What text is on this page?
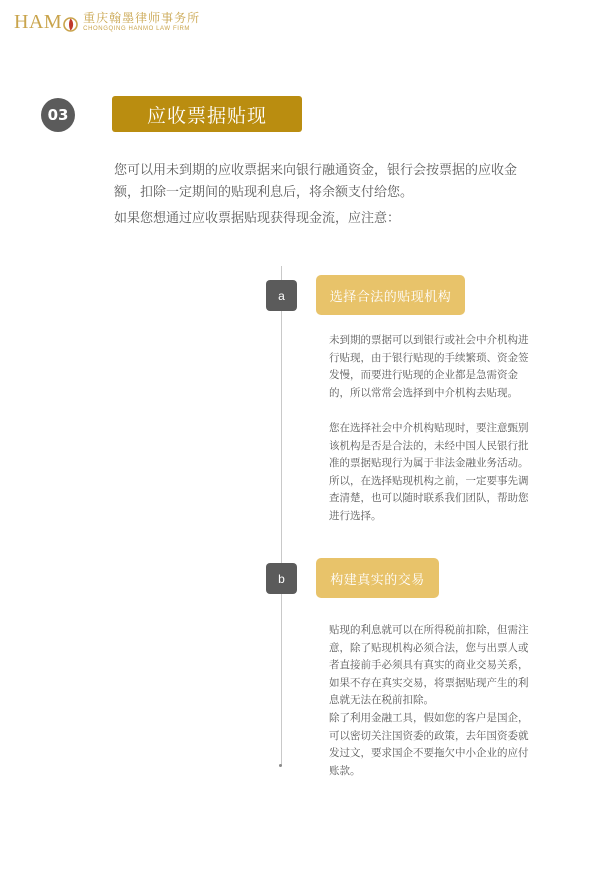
HAM 重庆翰墨律师事务所
CHONGQING HANMO LAW FIRM
03	应收票据贴现

您可以用未到期的应收票据来向银行融通资金，银行会按票据的应收金额，扣除一定期间的贴现利息后，将余额支付给您。

如果您想通过应收票据贴现获得现金流，应注意：

a	选择合法的贴现机构

未到期的票据可以到银行或社会中介机构进行贴现，由于银行贴现的手续繁琐、资金签发慢，而要进行贴现的企业都是急需资金的，所以常常会选择到中介机构去贴现。

您在选择社会中介机构贴现时，要注意甄别该机构是否是合法的，未经中国人民银行批准的票据贴现行为属于非法金融业务活动。所以，在选择贴现机构之前，一定要事先调查清楚，也可以随时联系我们团队，帮助您进行选择。

b	构建真实的交易

贴现的利息就可以在所得税前扣除，但需注意，除了贴现机构必须合法，您与出票人或者直接前手必须具有真实的商业交易关系，如果不存在真实交易，将票据贴现产生的利息就无法在税前扣除。

除了利用金融工具，假如您的客户是国企，可以密切关注国资委的政策，去年国资委就发过文，要求国企不要拖欠中小企业的应付账款。
